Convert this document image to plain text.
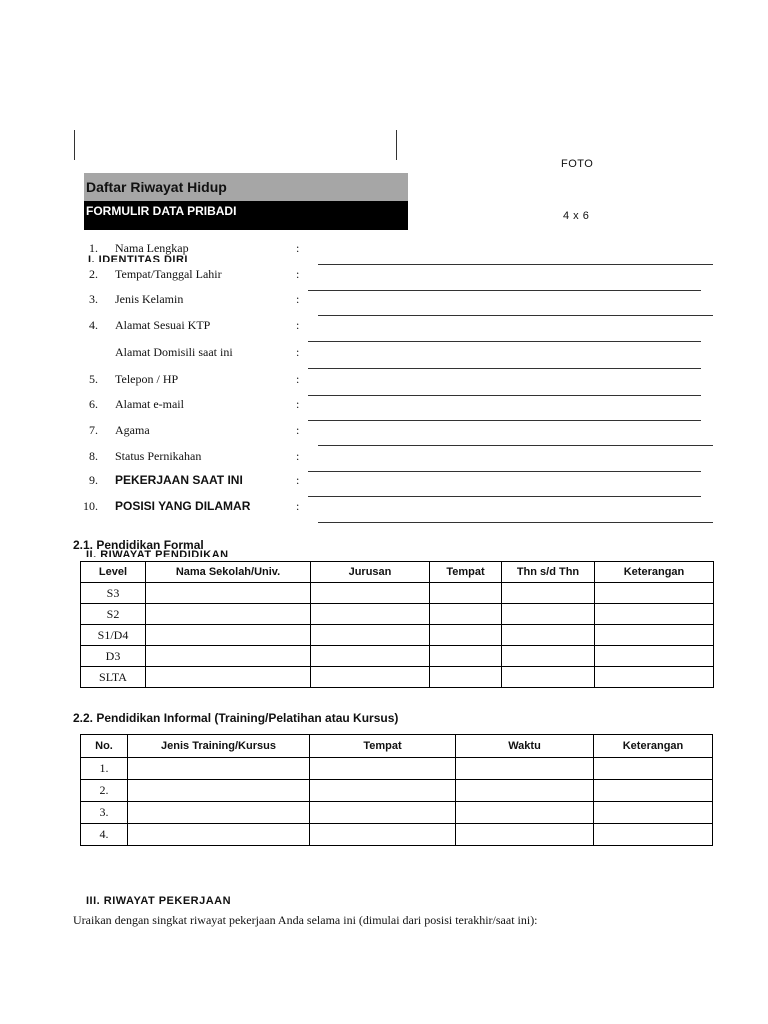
FOTO
4 x 6
Daftar Riwayat Hidup
FORMULIR DATA PRIBADI
I. IDENTITAS DIRI
1. Nama Lengkap	:
2. Tempat/Tanggal Lahir	:
3. Jenis Kelamin	:
4. Alamat Sesuai KTP	:
Alamat Domisili saat ini	:
5. Telepon / HP	:
6. Alamat e-mail	:
7. Agama	:
8. Status Pernikahan	:
9. PEKERJAAN SAAT INI	:
10. POSISI YANG DILAMAR	:
II. RIWAYAT PENDIDIKAN
2.1. Pendidikan Formal
Level	Nama Sekolah/Univ.	Jurusan	Tempat	Thn s/d Thn	Keterangan
S3					
S2					
S1/D4					
D3					
SLTA					
2.2. Pendidikan Informal (Training/Pelatihan atau Kursus)
No.	Jenis Training/Kursus	Tempat	Waktu	Keterangan
1.				
2.				
3.				
4.				
III. RIWAYAT PEKERJAAN
Uraikan dengan singkat riwayat pekerjaan Anda selama ini (dimulai dari posisi terakhir/saat ini):
